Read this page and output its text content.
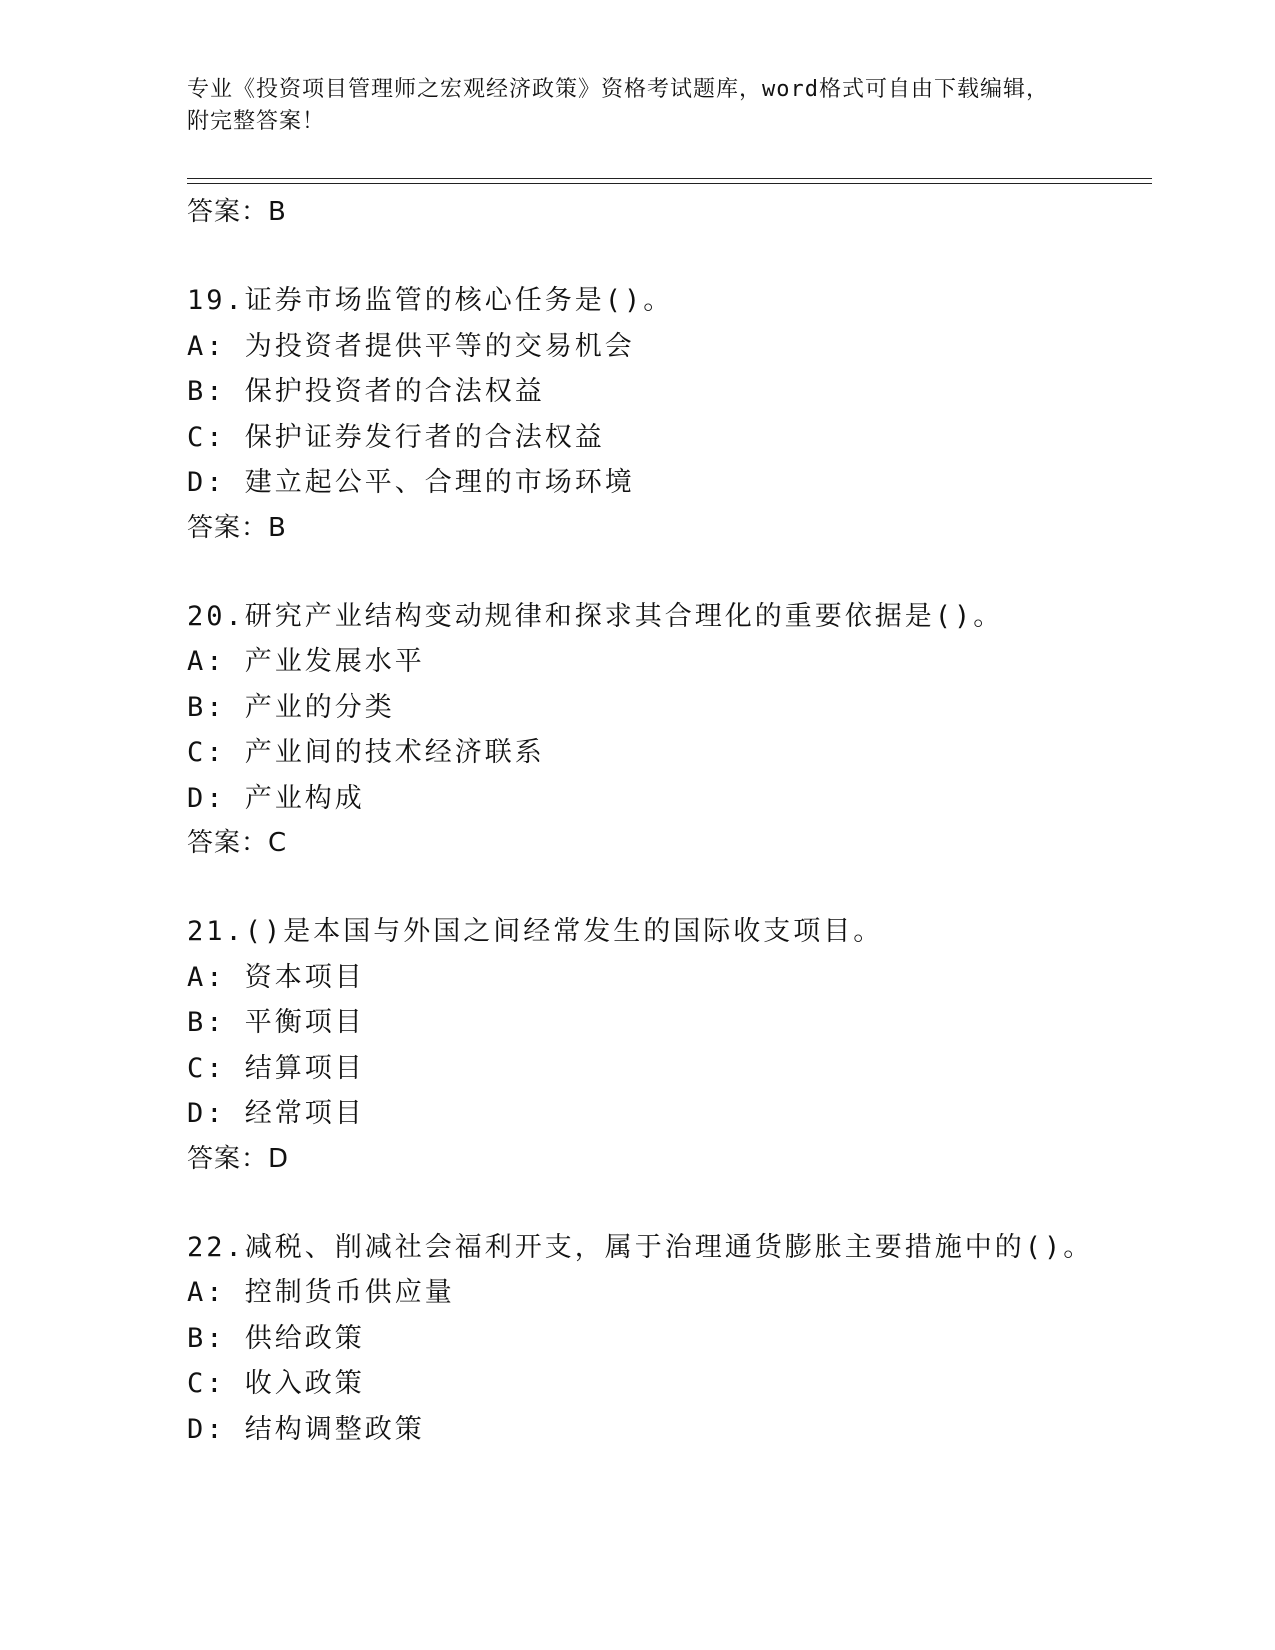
专业《投资项目管理师之宏观经济政策》资格考试题库，word格式可自由下载编辑，附完整答案！
答案：B
19.证券市场监管的核心任务是()。
A: 为投资者提供平等的交易机会
B: 保护投资者的合法权益
C: 保护证券发行者的合法权益
D: 建立起公平、合理的市场环境
答案：B
20.研究产业结构变动规律和探求其合理化的重要依据是()。
A: 产业发展水平
B: 产业的分类
C: 产业间的技术经济联系
D: 产业构成
答案：C
21.()是本国与外国之间经常发生的国际收支项目。
A: 资本项目
B: 平衡项目
C: 结算项目
D: 经常项目
答案：D
22.减税、削减社会福利开支，属于治理通货膨胀主要措施中的()。
A: 控制货币供应量
B: 供给政策
C: 收入政策
D: 结构调整政策
